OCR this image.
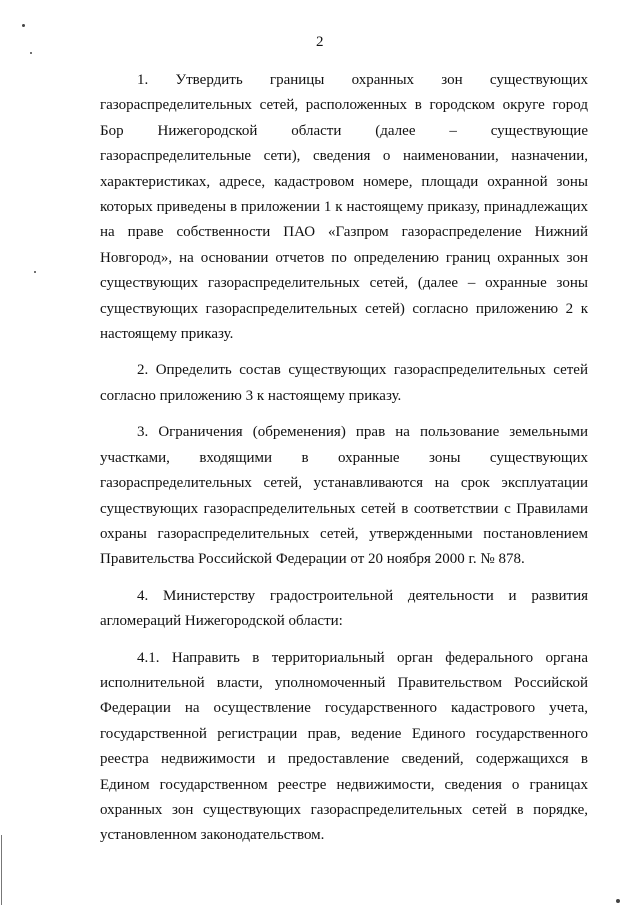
2

1. Утвердить границы охранных зон существующих газораспределительных сетей, расположенных в городском округе город Бор Нижегородской области (далее – существующие газораспределительные сети), сведения о наименовании, назначении, характеристиках, адресе, кадастровом номере, площади охранной зоны которых приведены в приложении 1 к настоящему приказу, принадлежащих на праве собственности ПАО «Газпром газораспределение Нижний Новгород», на основании отчетов по определению границ охранных зон существующих газораспределительных сетей, (далее – охранные зоны существующих газораспределительных сетей) согласно приложению 2 к настоящему приказу.

2. Определить состав существующих газораспределительных сетей согласно приложению 3 к настоящему приказу.

3. Ограничения (обременения) прав на пользование земельными участками, входящими в охранные зоны существующих газораспределительных сетей, устанавливаются на срок эксплуатации существующих газораспределительных сетей в соответствии с Правилами охраны газораспределительных сетей, утвержденными постановлением Правительства Российской Федерации от 20 ноября 2000 г. № 878.

4. Министерству градостроительной деятельности и развития агломераций Нижегородской области:

4.1. Направить в территориальный орган федерального органа исполнительной власти, уполномоченный Правительством Российской Федерации на осуществление государственного кадастрового учета, государственной регистрации прав, ведение Единого государственного реестра недвижимости и предоставление сведений, содержащихся в Едином государственном реестре недвижимости, сведения о границах охранных зон существующих газораспределительных сетей в порядке, установленном законодательством.
